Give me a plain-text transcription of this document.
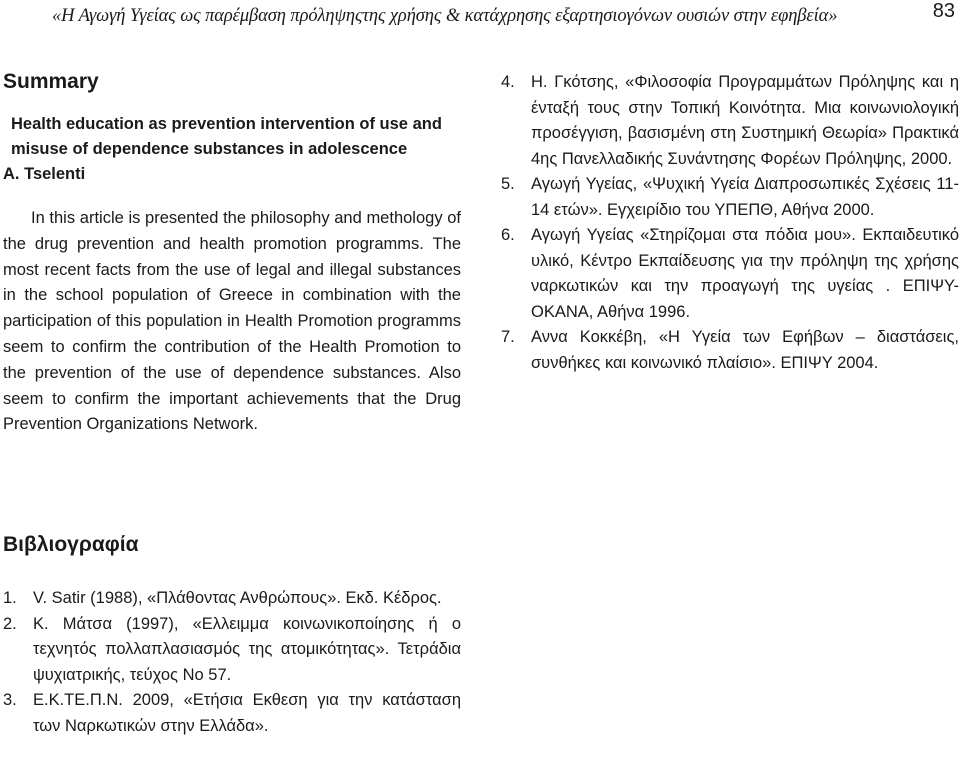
«Η Αγωγή Υγείας ως παρέμβαση πρόληψηςτης χρήσης & κατάχρησης εξαρτησιογόνων ουσιών στην εφηβεία»	83
Summary

Health education as prevention intervention of use and

misuse of dependence substances in adolescence

A. Tselenti

In this article is presented the philosophy and methology of the drug prevention and health promotion programms. The most recent facts from the use of legal and illegal substances in the school population of Greece in combination with the participation of this population in Health Promotion programms seem to confirm the contribution of the Health Promotion to the prevention of the use of dependence substances. Also seem to confirm the important achievements that the Drug Prevention Organizations Network.

Βιβλιογραφία
1. V. Satir (1988), «Πλάθοντας Ανθρώπους». Εκδ. Κέδρος.
2. Κ. Μάτσα (1997), «Ελλειμμα κοινωνικοποίησης ή ο τεχνητός πολλαπλασιασμός της ατομικότητας». Τετράδια ψυχιατρικής, τεύχος Νο 57.
3. Ε.Κ.ΤΕ.Π.Ν. 2009, «Ετήσια Εκθεση για την κατάσταση των Ναρκωτικών στην Ελλάδα».
4. Η. Γκότσης, «Φιλοσοφία Προγραμμάτων Πρόληψης και η ένταξή τους στην Τοπική Κοινότητα. Μια κοινωνιολογική προσέγγιση, βασισμένη στη Συστημική Θεωρία» Πρακτικά 4ης Πανελλαδικής Συνάντησης Φορέων Πρόληψης, 2000.
5. Αγωγή Υγείας, «Ψυχική Υγεία Διαπροσωπικές Σχέσεις 11-14 ετών». Εγχειρίδιο του ΥΠΕΠΘ, Αθήνα 2000.
6. Αγωγή Υγείας «Στηρίζομαι στα πόδια μου». Εκπαιδευτικό υλικό, Κέντρο Εκπαίδευσης για την πρόληψη της χρήσης ναρκωτικών και την προαγωγή της υγείας . ΕΠΙΨΥ-ΟΚΑΝΑ, Αθήνα 1996.
7. Αννα Κοκκέβη, «Η Υγεία των Εφήβων – διαστάσεις, συνθήκες και κοινωνικό πλαίσιο». ΕΠΙΨΥ 2004.
